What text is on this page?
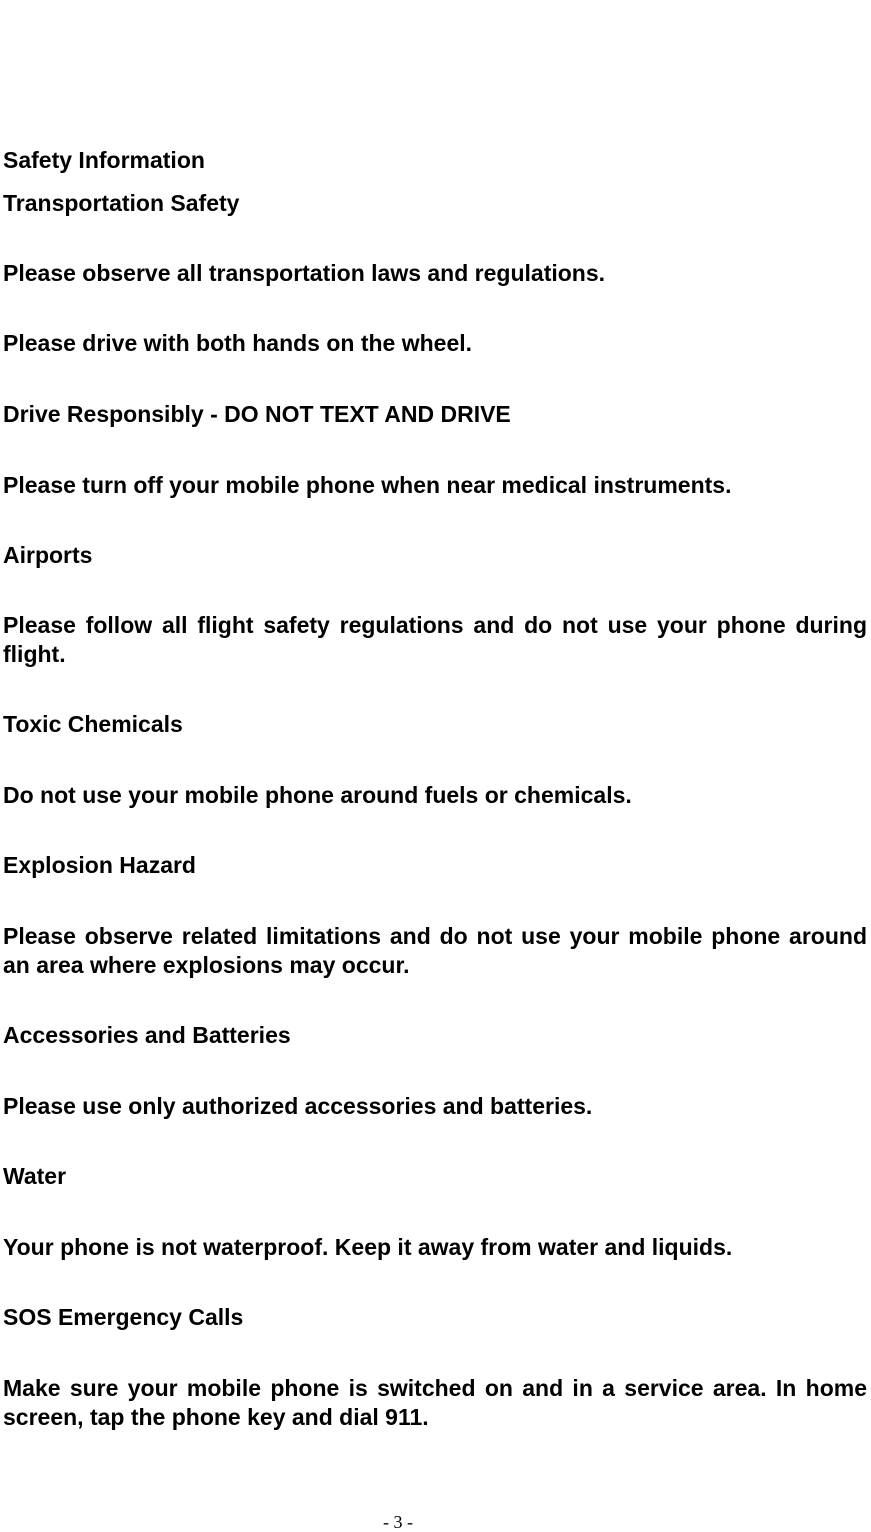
Safety Information

Transportation Safety

Please observe all transportation laws and regulations.

Please drive with both hands on the wheel.

Drive Responsibly - DO NOT TEXT AND DRIVE

Please turn off your mobile phone when near medical instruments.

Airports

Please follow all flight safety regulations and do not use your phone during flight.

Toxic Chemicals

Do not use your mobile phone around fuels or chemicals.

Explosion Hazard

Please observe related limitations and do not use your mobile phone around an area where explosions may occur.

Accessories and Batteries

Please use only authorized accessories and batteries.

Water

Your phone is not waterproof. Keep it away from water and liquids.

SOS Emergency Calls

Make sure your mobile phone is switched on and in a service area. In home screen, tap the phone key and dial 911.

- 3 -
